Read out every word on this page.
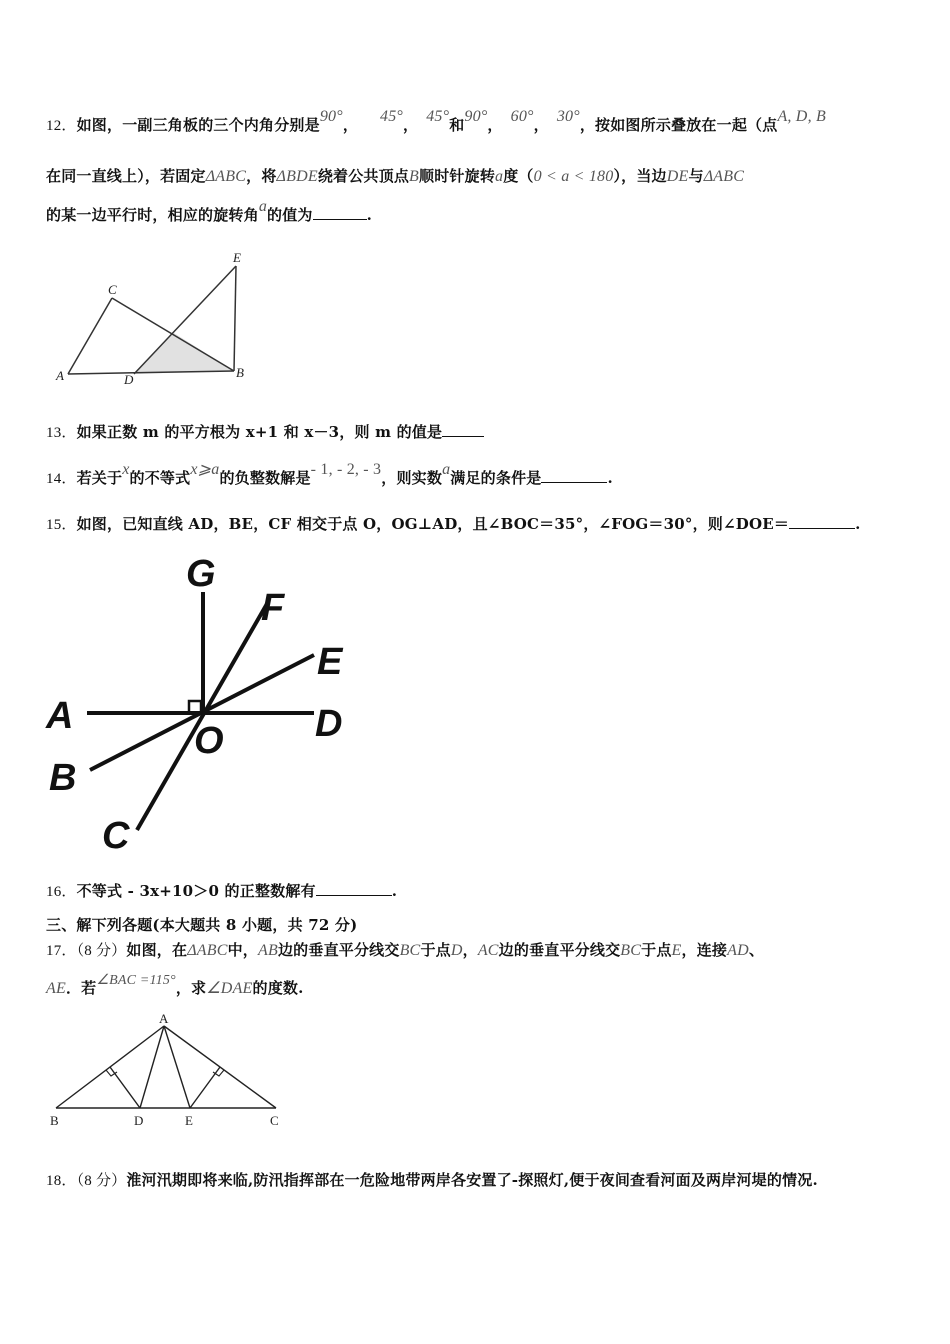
12．如图，一副三角板的三个内角分别是90°， 45°， 45°和90°， 60°， 30°，按如图所示叠放在一起（点A, D, B
在同一直线上），若固定ΔABC，将ΔBDE绕着公共顶点B顺时针旋转a度（0 < a < 180），当边DE与ΔABC
的某一边平行时，相应的旋转角a的值为	.
C
E
A	D	B
13．如果正数 m 的平方根为 x+1 和 x－3，则 m 的值是
14．若关于x的不等式x⩾a的负整数解是- 1, - 2, - 3，则实数a满足的条件是	.
15．如图，已知直线 AD，BE，CF 相交于点 O，OG⊥AD，且∠BOC＝35°，∠FOG＝30°，则∠DOE＝	.
G
F
E
A	D
O
B
C
16．不等式 - 3x+10＞0 的正整数解有	.
三、解下列各题(本大题共 8 小题，共 72 分)
17．（8 分）如图，在ΔABC中，AB边的垂直平分线交BC于点D，AC边的垂直平分线交BC于点E，连接AD、
AE．若∠BAC =115°，求∠DAE的度数.
A
B	D	E	C
18．（8 分）淮河汛期即将来临,防汛指挥部在一危险地带两岸各安置了-探照灯,便于夜间查看河面及两岸河堤的情况.
